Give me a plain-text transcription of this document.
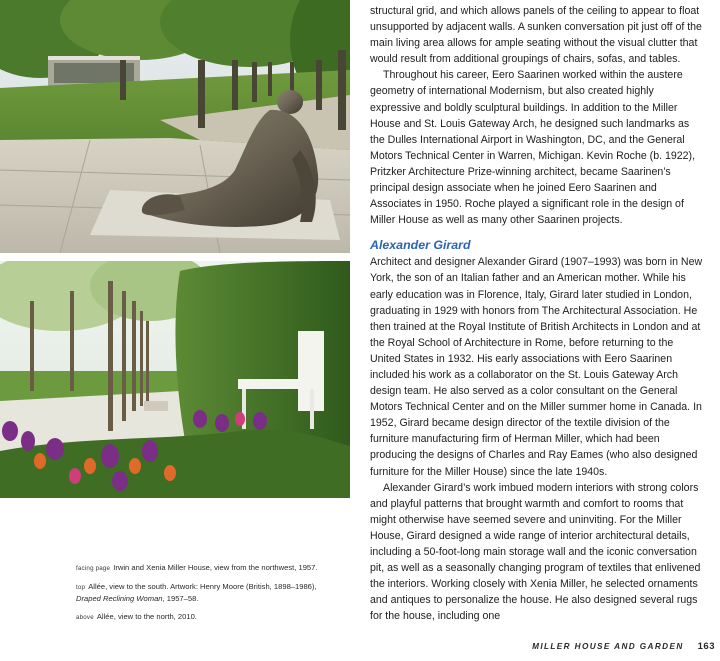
facing page Irwin and Xenia Miller House, view from the northwest, 1957.

top Allée, view to the south. Artwork: Henry Moore (British, 1898–1986), Draped Reclining Woman, 1957–58.

above Allée, view to the north, 2010.

structural grid, and which allows panels of the ceiling to appear to float unsupported by adjacent walls. A sunken conversation pit just off of the main living area allows for ample seating without the visual clutter that would result from additional groupings of chairs, sofas, and tables.

Throughout his career, Eero Saarinen worked within the austere geometry of international Modernism, but also created highly expressive and boldly sculptural buildings. In addition to the Miller House and St. Louis Gateway Arch, he designed such landmarks as the Dulles International Airport in Washington, DC, and the General Motors Technical Center in Warren, Michigan. Kevin Roche (b. 1922), Pritzker Architecture Prize-winning architect, became Saarinen’s principal design associate when he joined Eero Saarinen and Associates in 1950. Roche played a significant role in the design of Miller House as well as many other Saarinen projects.

Alexander Girard

Architect and designer Alexander Girard (1907–1993) was born in New York, the son of an Italian father and an American mother. While his early education was in Florence, Italy, Girard later studied in London, graduating in 1929 with honors from The Architectural Association. He then trained at the Royal Institute of British Architects in London and at the Royal School of Architecture in Rome, before returning to the United States in 1932. His early associations with Eero Saarinen included his work as a collaborator on the St. Louis Gateway Arch design team. He also served as a color consultant on the General Motors Technical Center and on the Miller summer home in Canada. In 1952, Girard became design director of the textile division of the furniture manufacturing firm of Herman Miller, which had been producing the designs of Charles and Ray Eames (who also designed furniture for the Miller House) since the late 1940s.

Alexander Girard’s work imbued modern interiors with strong colors and playful patterns that brought warmth and comfort to rooms that might otherwise have seemed severe and uninviting. For the Miller House, Girard designed a wide range of interior architectural details, including a 50-foot-long main storage wall and the iconic conversation pit, as well as a seasonally changing program of textiles that enlivened the interiors. Working closely with Xenia Miller, he selected ornaments and antiques to personalize the house. He also designed several rugs for the house, including one

MILLER HOUSE AND GARDEN 163
